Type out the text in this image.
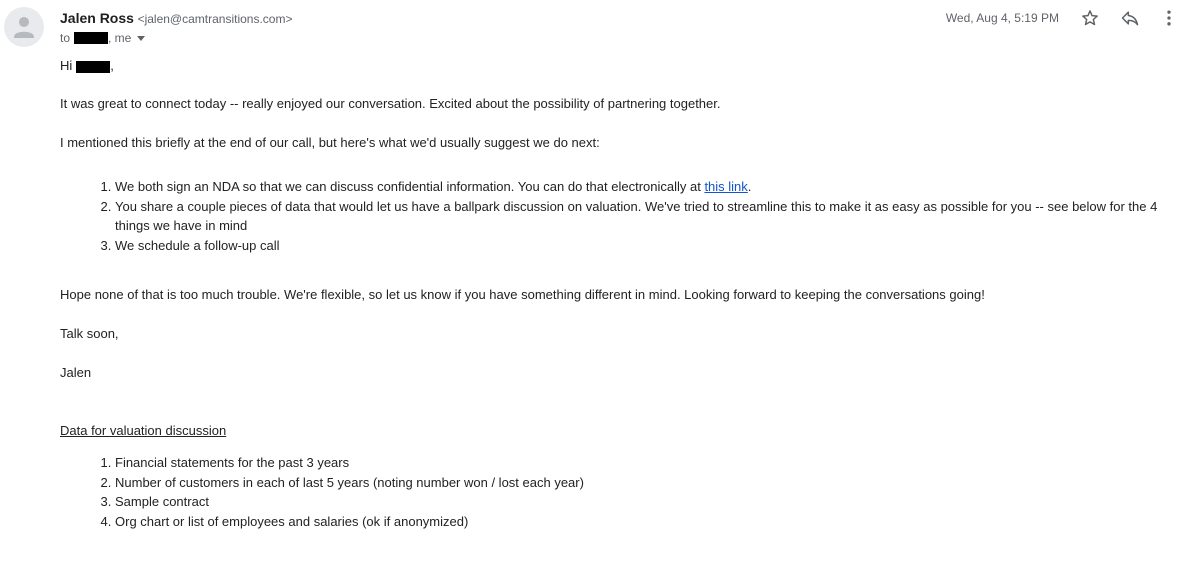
Jalen Ross <jalen@camtransitions.com>
to	, me
Wed, Aug 4, 5:19 PM

Hi	,

It was great to connect today -- really enjoyed our conversation. Excited about the possibility of partnering together.

I mentioned this briefly at the end of our call, but here's what we'd usually suggest we do next:

1. We both sign an NDA so that we can discuss confidential information. You can do that electronically at this link.
2. You share a couple pieces of data that would let us have a ballpark discussion on valuation. We've tried to streamline this to make it as easy as possible for you -- see below for the 4 things we have in mind
3. We schedule a follow-up call

Hope none of that is too much trouble. We're flexible, so let us know if you have something different in mind. Looking forward to keeping the conversations going!

Talk soon,

Jalen

Data for valuation discussion

1. Financial statements for the past 3 years
2. Number of customers in each of last 5 years (noting number won / lost each year)
3. Sample contract
4. Org chart or list of employees and salaries (ok if anonymized)
